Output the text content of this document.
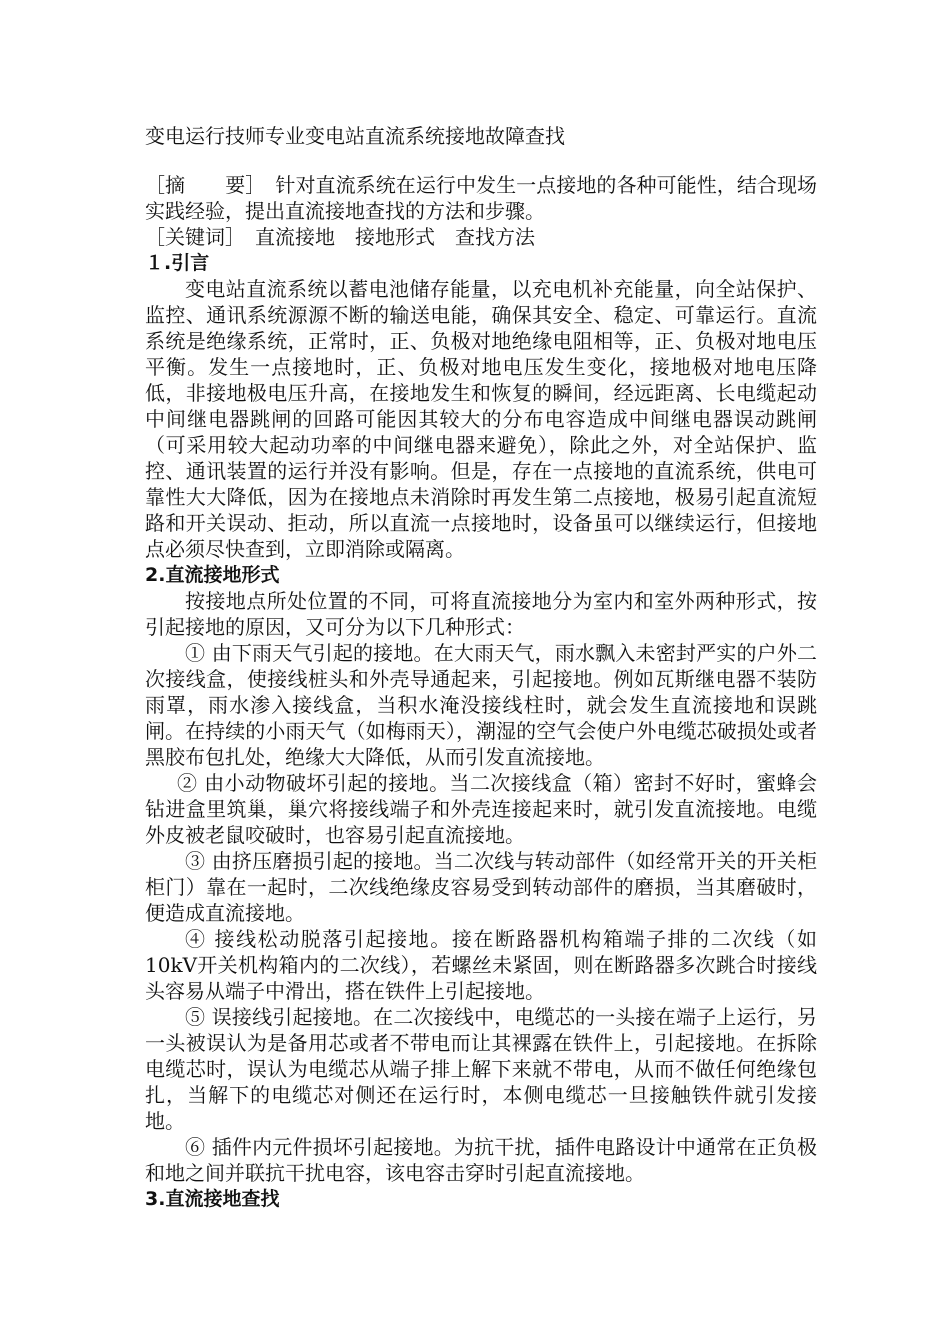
变电运行技师专业变电站直流系统接地故障查找

［摘　　要］　针对直流系统在运行中发生一点接地的各种可能性，结合现场实践经验，提出直流接地查找的方法和步骤。

［关键词］　直流接地　接地形式　查找方法

１.引言

变电站直流系统以蓄电池储存能量，以充电机补充能量，向全站保护、监控、通讯系统源源不断的输送电能，确保其安全、稳定、可靠运行。直流系统是绝缘系统，正常时，正、负极对地绝缘电阻相等，正、负极对地电压平衡。发生一点接地时，正、负极对地电压发生变化，接地极对地电压降低，非接地极电压升高，在接地发生和恢复的瞬间，经远距离、长电缆起动中间继电器跳闸的回路可能因其较大的分布电容造成中间继电器误动跳闸（可采用较大起动功率的中间继电器来避免），除此之外，对全站保护、监控、通讯装置的运行并没有影响。但是，存在一点接地的直流系统，供电可靠性大大降低，因为在接地点未消除时再发生第二点接地，极易引起直流短路和开关误动、拒动，所以直流一点接地时，设备虽可以继续运行，但接地点必须尽快查到，立即消除或隔离。

2.直流接地形式

按接地点所处位置的不同，可将直流接地分为室内和室外两种形式，按引起接地的原因，又可分为以下几种形式：

① 由下雨天气引起的接地。在大雨天气，雨水飘入未密封严实的户外二次接线盒，使接线桩头和外壳导通起来，引起接地。例如瓦斯继电器不装防雨罩，雨水渗入接线盒，当积水淹没接线柱时，就会发生直流接地和误跳闸。在持续的小雨天气（如梅雨天），潮湿的空气会使户外电缆芯破损处或者黑胶布包扎处，绝缘大大降低，从而引发直流接地。

② 由小动物破坏引起的接地。当二次接线盒（箱）密封不好时，蜜蜂会钻进盒里筑巢，巢穴将接线端子和外壳连接起来时，就引发直流接地。电缆外皮被老鼠咬破时，也容易引起直流接地。

③ 由挤压磨损引起的接地。当二次线与转动部件（如经常开关的开关柜柜门）靠在一起时，二次线绝缘皮容易受到转动部件的磨损，当其磨破时，便造成直流接地。

④ 接线松动脱落引起接地。接在断路器机构箱端子排的二次线（如10kV开关机构箱内的二次线），若螺丝未紧固，则在断路器多次跳合时接线头容易从端子中滑出，搭在铁件上引起接地。

⑤ 误接线引起接地。在二次接线中，电缆芯的一头接在端子上运行，另一头被误认为是备用芯或者不带电而让其裸露在铁件上，引起接地。在拆除电缆芯时，误认为电缆芯从端子排上解下来就不带电，从而不做任何绝缘包扎，当解下的电缆芯对侧还在运行时，本侧电缆芯一旦接触铁件就引发接地。

⑥ 插件内元件损坏引起接地。为抗干扰，插件电路设计中通常在正负极和地之间并联抗干扰电容，该电容击穿时引起直流接地。

3.直流接地查找
